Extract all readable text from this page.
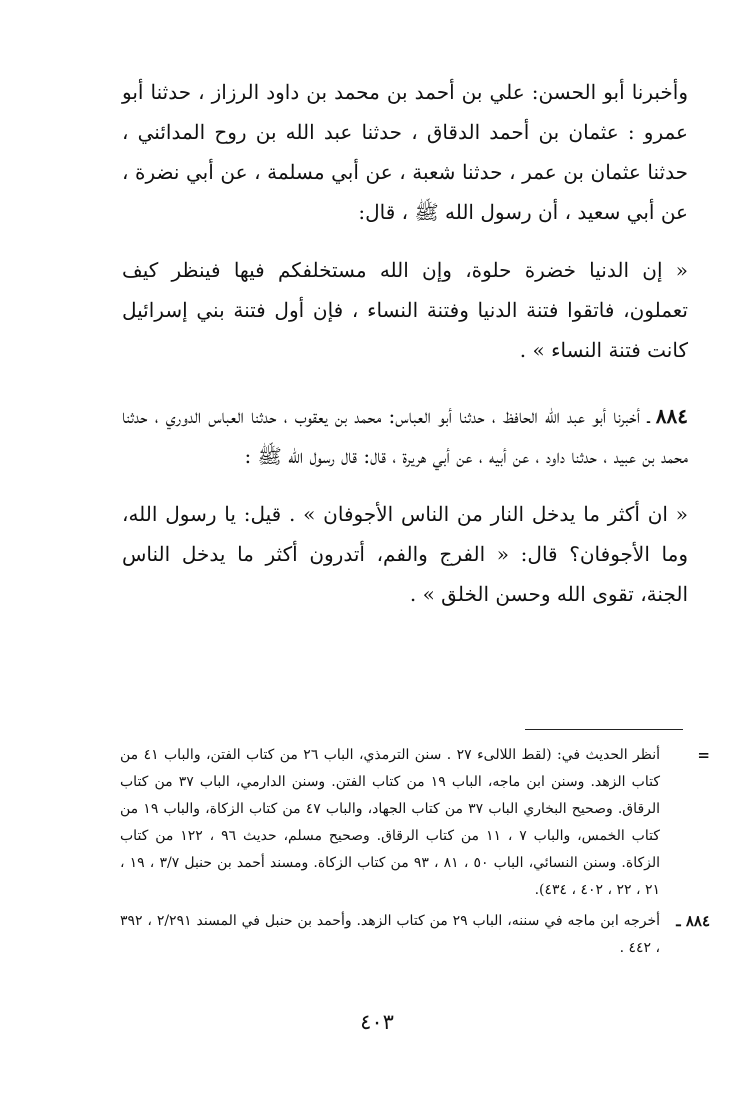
وأخبرنا أبو الحسن: علي بن أحمد بن محمد بن داود الرزاز ، حدثنا أبو عمرو : عثمان بن أحمد الدقاق ، حدثنا عبد الله بن روح المدائني ، حدثنا عثمان بن عمر ، حدثنا شعبة ، عن أبي مسلمة ، عن أبي نضرة ، عن أبي سعيد ، أن رسول الله ﷺ ، قال:

« إن الدنيا خضرة حلوة، وإن الله مستخلفكم فيها فينظر كيف تعملون، فاتقوا فتنة الدنيا وفتنة النساء ، فإن أول فتنة بني إسرائيل كانت فتنة النساء » .

٨٨٤ـ أخبرنا أبو عبد الله الحافظ ، حدثنا أبو العباس: محمد بن يعقوب ، حدثنا العباس الدوري ، حدثنا محمد بن عبيد ، حدثنا داود ، عن أبيه ، عن أبي هريرة ، قال: قال رسول الله ﷺ :

« ان أكثر ما يدخل النار من الناس الأجوفان » . قيل: يا رسول الله، وما الأجوفان؟ قال: « الفرج والفم، أتدرون أكثر ما يدخل الناس الجنة، تقوى الله وحسن الخلق » .

=
أنظر الحديث في: (لقط اللالىء ٢٧ . سنن الترمذي، الباب ٢٦ من كتاب الفتن، والباب ٤١ من كتاب الزهد. وسنن ابن ماجه، الباب ١٩ من كتاب الفتن. وسنن الدارمي، الباب ٣٧ من كتاب الرقاق. وصحيح البخاري الباب ٣٧ من كتاب الجهاد، والباب ٤٧ من كتاب الزكاة، والباب ١٩ من كتاب الخمس، والباب ٧ ، ١١ من كتاب الرقاق. وصحيح مسلم، حديث ٩٦ ، ١٢٢ من كتاب الزكاة. وسنن النسائي، الباب ٥٠ ، ٨١ ، ٩٣ من كتاب الزكاة. ومسند أحمد بن حنبل ٣/٧ ، ١٩ ، ٢١ ، ٢٢ ، ٤٠٢ ، ٤٣٤).
٨٨٤ ـ
أخرجه ابن ماجه في سننه، الباب ٢٩ من كتاب الزهد. وأحمد بن حنبل في المسند ٢/٢٩١ ، ٣٩٢ ، ٤٤٢ .
٤٠٣
